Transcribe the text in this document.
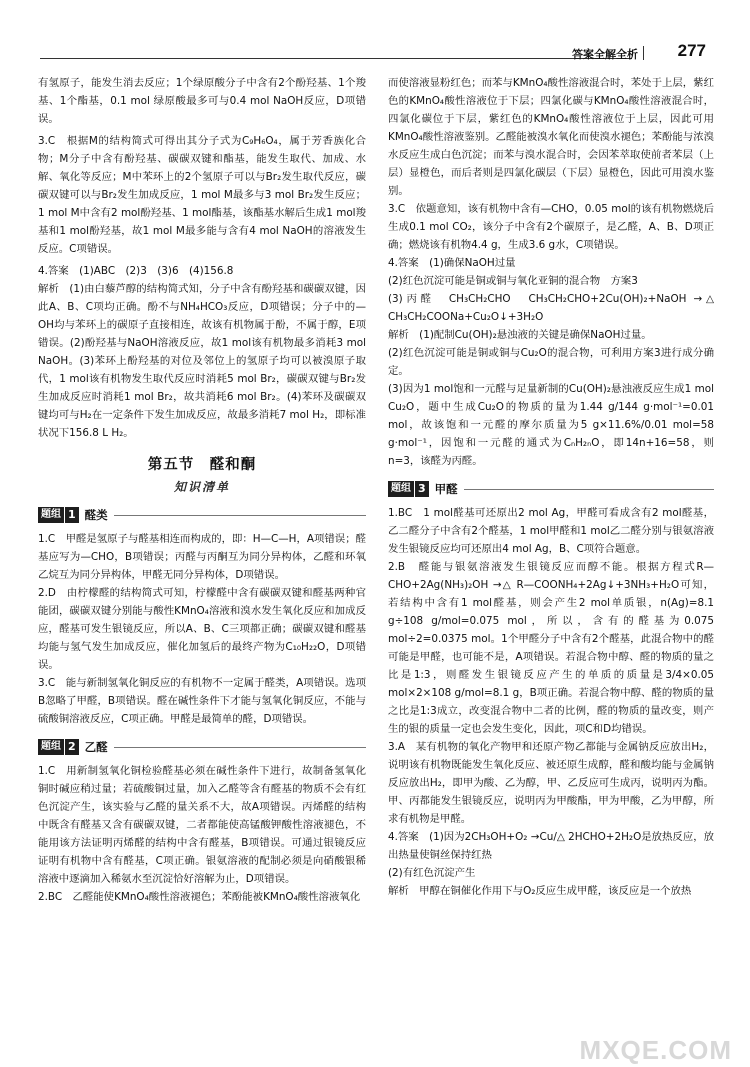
答案全解全析 277

有氢原子，能发生消去反应；1个绿原酸分子中含有2个酚羟基、1个羧基、1个酯基，0.1 mol 绿原酸最多可与0.4 mol NaOH反应，D项错误。

3.C　根据M的结构简式可得出其分子式为C₉H₆O₄，属于芳香族化合物；M分子中含有酚羟基、碳碳双键和酯基，能发生取代、加成、水解、氧化等反应；M中苯环上的2个氢原子可以与Br₂发生取代反应，碳碳双键可以与Br₂发生加成反应，1 mol M最多与3 mol Br₂发生反应；1 mol M中含有2 mol酚羟基、1 mol酯基，该酯基水解后生成1 mol羧基和1 mol酚羟基，故1 mol M最多能与含有4 mol NaOH的溶液发生反应。C项错误。

4.答案　(1)ABC　(2)3　(3)6　(4)156.8

解析　(1)由白藜芦醇的结构简式知，分子中含有酚羟基和碳碳双键，因此A、B、C项均正确。酚不与NH₄HCO₃反应，D项错误；分子中的—OH均与苯环上的碳原子直接相连，故该有机物属于酚，不属于醇，E项错误。(2)酚羟基与NaOH溶液反应，故1 mol该有机物最多消耗3 mol NaOH。(3)苯环上酚羟基的对位及邻位上的氢原子均可以被溴原子取代，1 mol该有机物发生取代反应时消耗5 mol Br₂，碳碳双键与Br₂发生加成反应时消耗1 mol Br₂，故共消耗6 mol Br₂。(4)苯环及碳碳双键均可与H₂在一定条件下发生加成反应，故最多消耗7 mol H₂，即标准状况下156.8 L H₂。

第五节　醛和酮
知识清单
题组 1 醛类

1.C　甲醛是氢原子与醛基相连而构成的，即：H—C—H，A项错误；醛基应写为—CHO，B项错误；丙醛与丙酮互为同分异构体，乙醛和环氧乙烷互为同分异构体，甲醛无同分异构体，D项错误。

2.D　由柠檬醛的结构简式可知，柠檬醛中含有碳碳双键和醛基两种官能团，碳碳双键分别能与酸性KMnO₄溶液和溴水发生氧化反应和加成反应，醛基可发生银镜反应，所以A、B、C三项都正确；碳碳双键和醛基均能与氢气发生加成反应，催化加氢后的最终产物为C₁₀H₂₂O，D项错误。

3.C　能与新制氢氧化铜反应的有机物不一定属于醛类，A项错误。选项B忽略了甲醛，B项错误。醛在碱性条件下才能与氢氧化铜反应，不能与硫酸铜溶液反应，C项正确。甲醛是最简单的醛，D项错误。

题组 2 乙醛

1.C　用新制氢氧化铜检验醛基必须在碱性条件下进行，故制备氢氧化铜时碱应稍过量；若硫酸铜过量，加入乙醛等含有醛基的物质不会有红色沉淀产生，该实验与乙醛的量关系不大，故A项错误。丙烯醛的结构中既含有醛基又含有碳碳双键，二者都能使高锰酸钾酸性溶液褪色，不能用该方法证明丙烯醛的结构中含有醛基，B项错误。可通过银镜反应证明有机物中含有醛基，C项正确。银氨溶液的配制必须是向硝酸银稀溶液中逐滴加入稀氨水至沉淀恰好溶解为止，D项错误。

2.BC　乙醛能使KMnO₄酸性溶液褪色；苯酚能被KMnO₄酸性溶液氧化

而使溶液显粉红色；而苯与KMnO₄酸性溶液混合时，苯处于上层，紫红色的KMnO₄酸性溶液位于下层；四氯化碳与KMnO₄酸性溶液混合时，四氯化碳位于下层，紫红色的KMnO₄酸性溶液位于上层，因此可用KMnO₄酸性溶液鉴别。乙醛能被溴水氧化而使溴水褪色；苯酚能与浓溴水反应生成白色沉淀；而苯与溴水混合时，会因苯萃取使前者苯层（上层）显橙色，而后者则是四氯化碳层（下层）显橙色，因此可用溴水鉴别。

3.C　依题意知，该有机物中含有—CHO，0.05 mol的该有机物燃烧后生成0.1 mol CO₂，该分子中含有2个碳原子，是乙醛，A、B、D项正确；燃烧该有机物4.4 g，生成3.6 g水，C项错误。

4.答案　(1)确保NaOH过量

(2)红色沉淀可能是铜或铜与氧化亚铜的混合物　方案3

(3)丙醛　CH₃CH₂CHO　CH₃CH₂CHO+2Cu(OH)₂+NaOH →△ CH₃CH₂COONa+Cu₂O↓+3H₂O

解析　(1)配制Cu(OH)₂悬浊液的关键是确保NaOH过量。

(2)红色沉淀可能是铜或铜与Cu₂O的混合物，可利用方案3进行成分确定。

(3)因为1 mol饱和一元醛与足量新制的Cu(OH)₂悬浊液反应生成1 mol Cu₂O，题中生成Cu₂O的物质的量为1.44 g/144 g·mol⁻¹=0.01 mol，故该饱和一元醛的摩尔质量为5 g×11.6%/0.01 mol=58 g·mol⁻¹，因饱和一元醛的通式为CₙH₂ₙO，即14n+16=58，则n=3，该醛为丙醛。

题组 3 甲醛

1.BC　1 mol醛基可还原出2 mol Ag，甲醛可看成含有2 mol醛基，乙二醛分子中含有2个醛基，1 mol甲醛和1 mol乙二醛分别与银氨溶液发生银镜反应均可还原出4 mol Ag，B、C项符合题意。

2.B　醛能与银氨溶液发生银镜反应而醇不能。根据方程式R—CHO+2Ag(NH₃)₂OH →△ R—COONH₄+2Ag↓+3NH₃+H₂O可知，若结构中含有1 mol醛基，则会产生2 mol单质银，n(Ag)=8.1 g÷108 g/mol=0.075 mol，所以，含有的醛基为0.075 mol÷2=0.0375 mol。1个甲醛分子中含有2个醛基，此混合物中的醛可能是甲醛，也可能不是，A项错误。若混合物中醇、醛的物质的量之比是1:3，则醛发生银镜反应产生的单质的质量是3/4×0.05 mol×2×108 g/mol=8.1 g，B项正确。若混合物中醇、醛的物质的量之比是1:3成立，改变混合物中二者的比例，醛的物质的量改变，则产生的银的质量一定也会发生变化，因此，项C和D均错误。

3.A　某有机物的氧化产物甲和还原产物乙都能与金属钠反应放出H₂，说明该有机物既能发生氧化反应、被还原生成醇，醛和酸均能与金属钠反应放出H₂，即甲为酸、乙为醇，甲、乙反应可生成丙，说明丙为酯。甲、丙都能发生银镜反应，说明丙为甲酸酯，甲为甲酸，乙为甲醇，所求有机物是甲醛。

4.答案　(1)因为2CH₃OH+O₂ →Cu/△ 2HCHO+2H₂O是放热反应，放出热量使铜丝保持红热

(2)有红色沉淀产生

解析　甲醇在铜催化作用下与O₂反应生成甲醛，该反应是一个放热

MXQE.COM
